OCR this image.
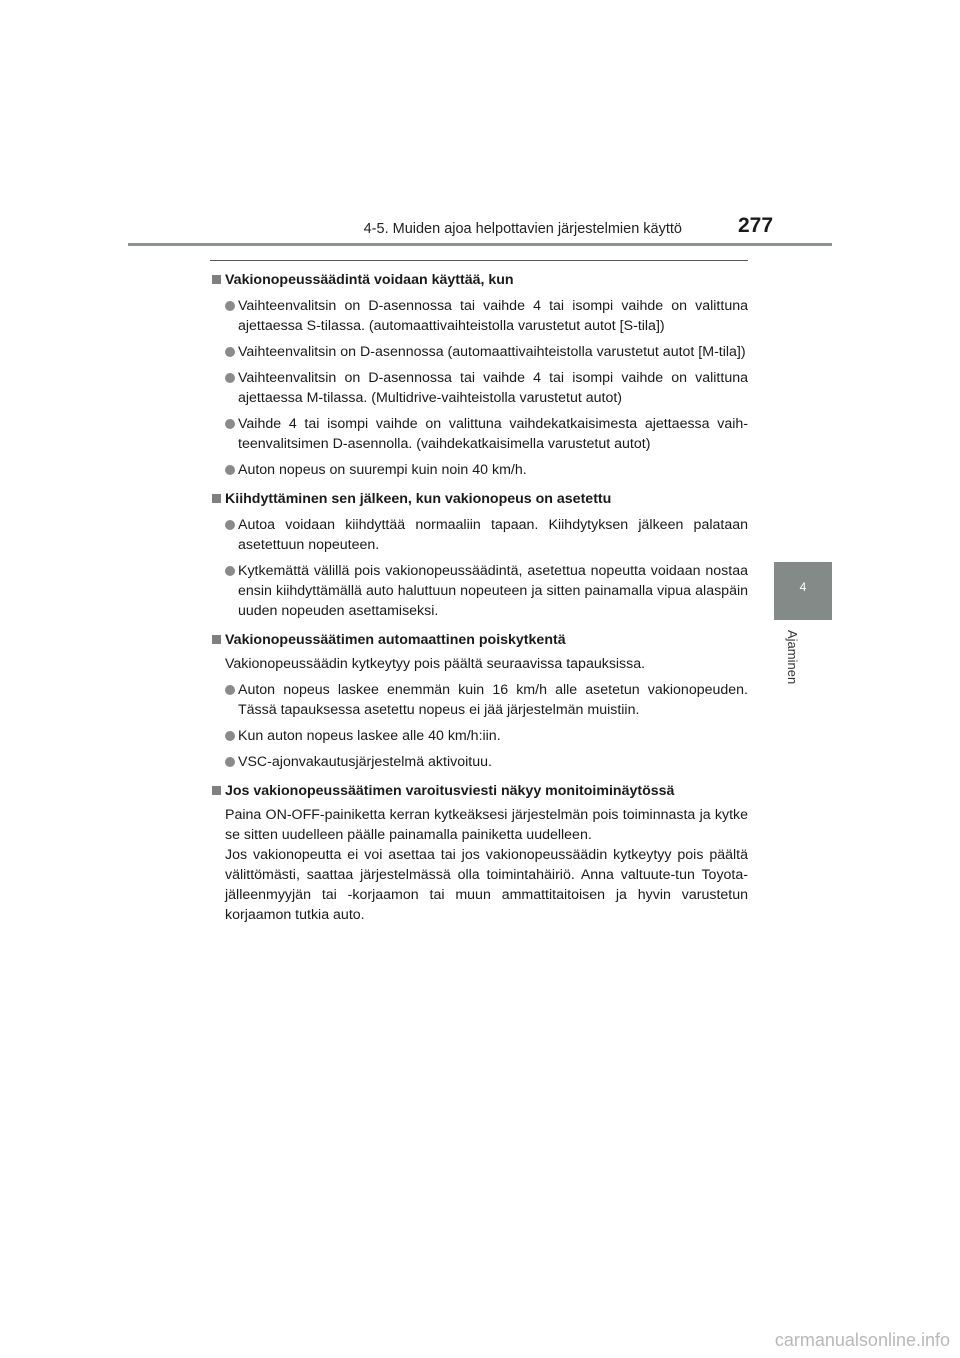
4-5. Muiden ajoa helpottavien järjestelmien käyttö	277
4
Ajaminen
Vakionopeussäädintä voidaan käyttää, kun
Vaihteenvalitsin on D-asennossa tai vaihde 4 tai isompi vaihde on valittuna ajettaessa S-tilassa. (automaattivaihteistolla varustetut autot [S-tila])
Vaihteenvalitsin on D-asennossa (automaattivaihteistolla varustetut autot [M-tila])
Vaihteenvalitsin on D-asennossa tai vaihde 4 tai isompi vaihde on valittuna ajettaessa M-tilassa. (Multidrive-vaihteistolla varustetut autot)
Vaihde 4 tai isompi vaihde on valittuna vaihdekatkaisimesta ajettaessa vaih-teenvalitsimen D-asennolla. (vaihdekatkaisimella varustetut autot)
Auton nopeus on suurempi kuin noin 40 km/h.
Kiihdyttäminen sen jälkeen, kun vakionopeus on asetettu
Autoa voidaan kiihdyttää normaaliin tapaan. Kiihdytyksen jälkeen palataan asetettuun nopeuteen.
Kytkemättä välillä pois vakionopeussäädintä, asetettua nopeutta voidaan nostaa ensin kiihdyttämällä auto haluttuun nopeuteen ja sitten painamalla vipua alaspäin uuden nopeuden asettamiseksi.
Vakionopeussäätimen automaattinen poiskytkentä
Vakionopeussäädin kytkeytyy pois päältä seuraavissa tapauksissa.
Auton nopeus laskee enemmän kuin 16 km/h alle asetetun vakionopeuden. Tässä tapauksessa asetettu nopeus ei jää järjestelmän muistiin.
Kun auton nopeus laskee alle 40 km/h:iin.
VSC-ajonvakautusjärjestelmä aktivoituu.
Jos vakionopeussäätimen varoitusviesti näkyy monitoiminäytössä
Paina ON-OFF-painiketta kerran kytkeäksesi järjestelmän pois toiminnasta ja kytke se sitten uudelleen päälle painamalla painiketta uudelleen.
Jos vakionopeutta ei voi asettaa tai jos vakionopeussäädin kytkeytyy pois päältä välittömästi, saattaa järjestelmässä olla toimintahäiriö. Anna valtuute-tun Toyota-jälleenmyyjän tai -korjaamon tai muun ammattitaitoisen ja hyvin varustetun korjaamon tutkia auto.
carmanualsonline.info
